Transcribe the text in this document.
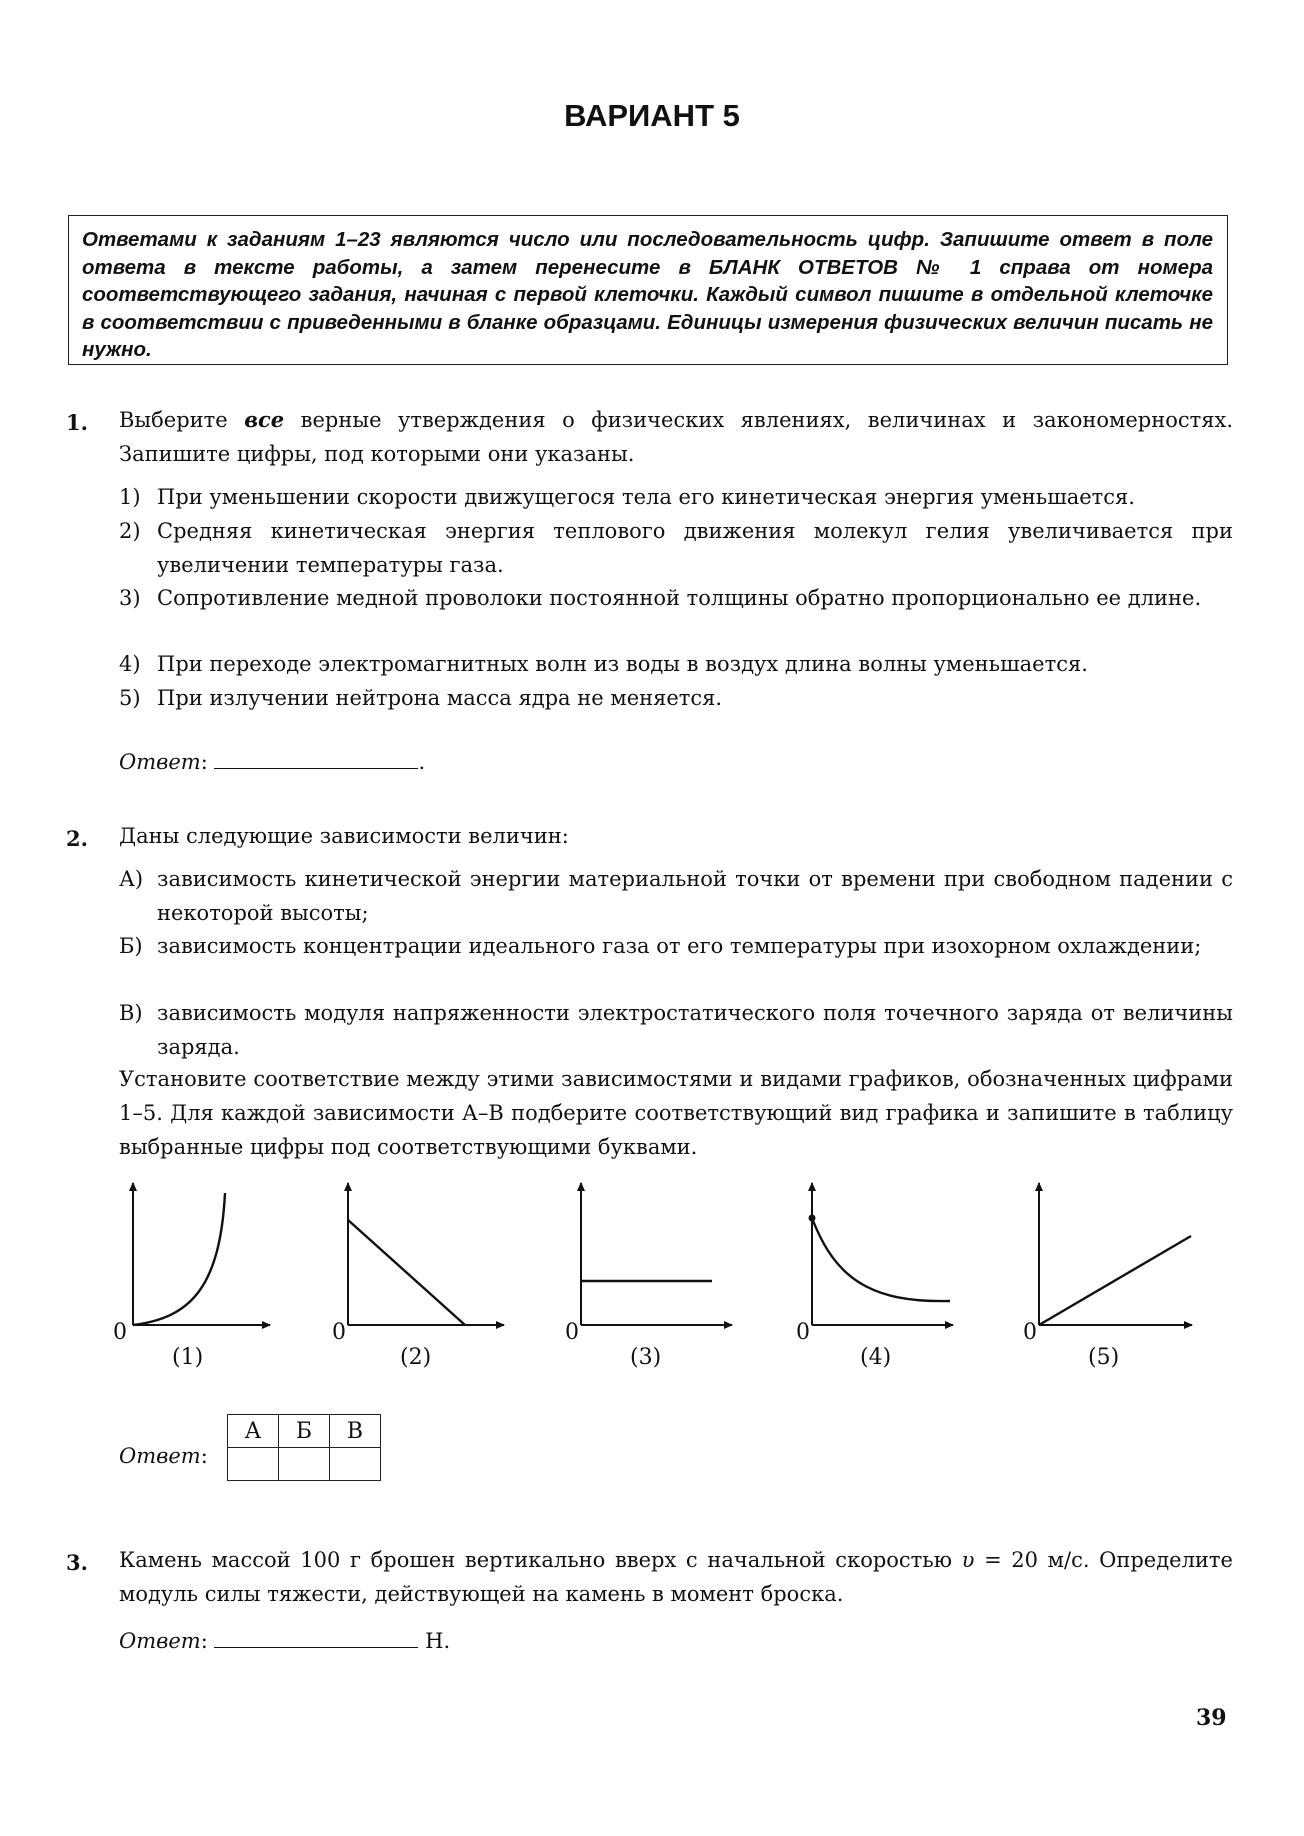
ВАРИАНТ 5
Ответами к заданиям 1–23 являются число или последовательность цифр. Запишите ответ в поле ответа в тексте работы, а затем перенесите в БЛАНК ОТВЕТОВ № 1 справа от номера соответствующего задания, начиная с первой клеточки. Каждый символ пишите в отдельной клеточке в соответствии с приведенными в бланке образцами. Единицы измерения физических величин писать не нужно.
1. Выберите все верные утверждения о физических явлениях, величинах и закономерностях. Запишите цифры, под которыми они указаны.
1) При уменьшении скорости движущегося тела его кинетическая энергия уменьшается.
2) Средняя кинетическая энергия теплового движения молекул гелия увеличивается при увеличении температуры газа.
3) Сопротивление медной проволоки постоянной толщины обратно пропорционально ее длине.
4) При переходе электромагнитных волн из воды в воздух длина волны уменьшается.
5) При излучении нейтрона масса ядра не меняется.
Ответ:	.
2. Даны следующие зависимости величин:
А) зависимость кинетической энергии материальной точки от времени при свободном падении с некоторой высоты;
Б) зависимость концентрации идеального газа от его температуры при изохорном охлаждении;
В) зависимость модуля напряженности электростатического поля точечного заряда от величины заряда.
Установите соответствие между этими зависимостями и видами графиков, обозначенных цифрами 1–5. Для каждой зависимости А–В подберите соответствующий вид графика и запишите в таблицу выбранные цифры под соответствующими буквами.
0	0	0	0	0
(1)	(2)	(3)	(4)	(5)
Ответ:
А	Б	В

3. Камень массой 100 г брошен вертикально вверх с начальной скоростью υ = 20 м/с. Определите модуль силы тяжести, действующей на камень в момент броска.
Ответ:	Н.
39
